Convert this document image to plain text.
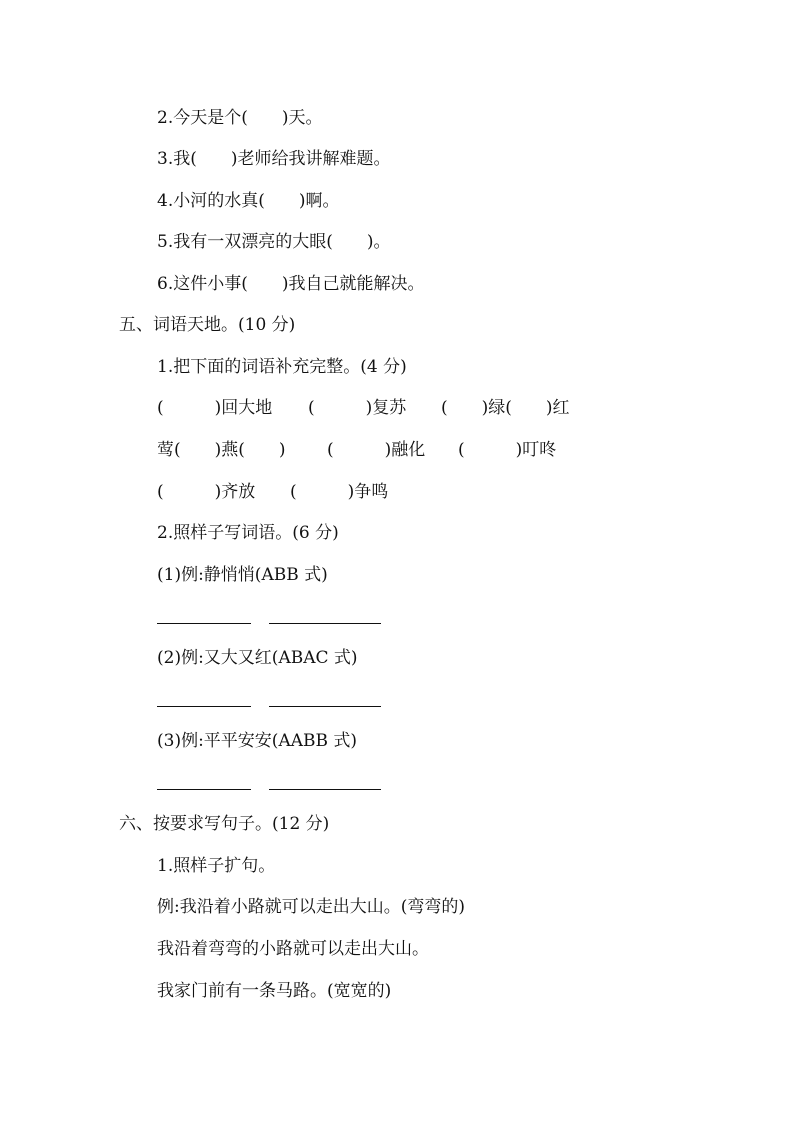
2.今天是个(　　)天。
3.我(　　)老师给我讲解难题。
4.小河的水真(　　)啊。
5.我有一双漂亮的大眼(　　)。
6.这件小事(　　)我自己就能解决。
五、词语天地。(10 分)
1.把下面的词语补充完整。(4 分)

(　　　)回大地

(　　　)复苏

(　　)绿(　　)红

莺(　　)燕(　　)

(　　　)融化

(　　　)叮咚

(　　　)齐放

(　　　)争鸣

2.照样子写词语。(6 分)
(1)例:静悄悄(ABB 式)
(2)例:又大又红(ABAC 式)
(3)例:平平安安(AABB 式)
六、按要求写句子。(12 分)
1.照样子扩句。
例:我沿着小路就可以走出大山。(弯弯的)
我沿着弯弯的小路就可以走出大山。
我家门前有一条马路。(宽宽的)
